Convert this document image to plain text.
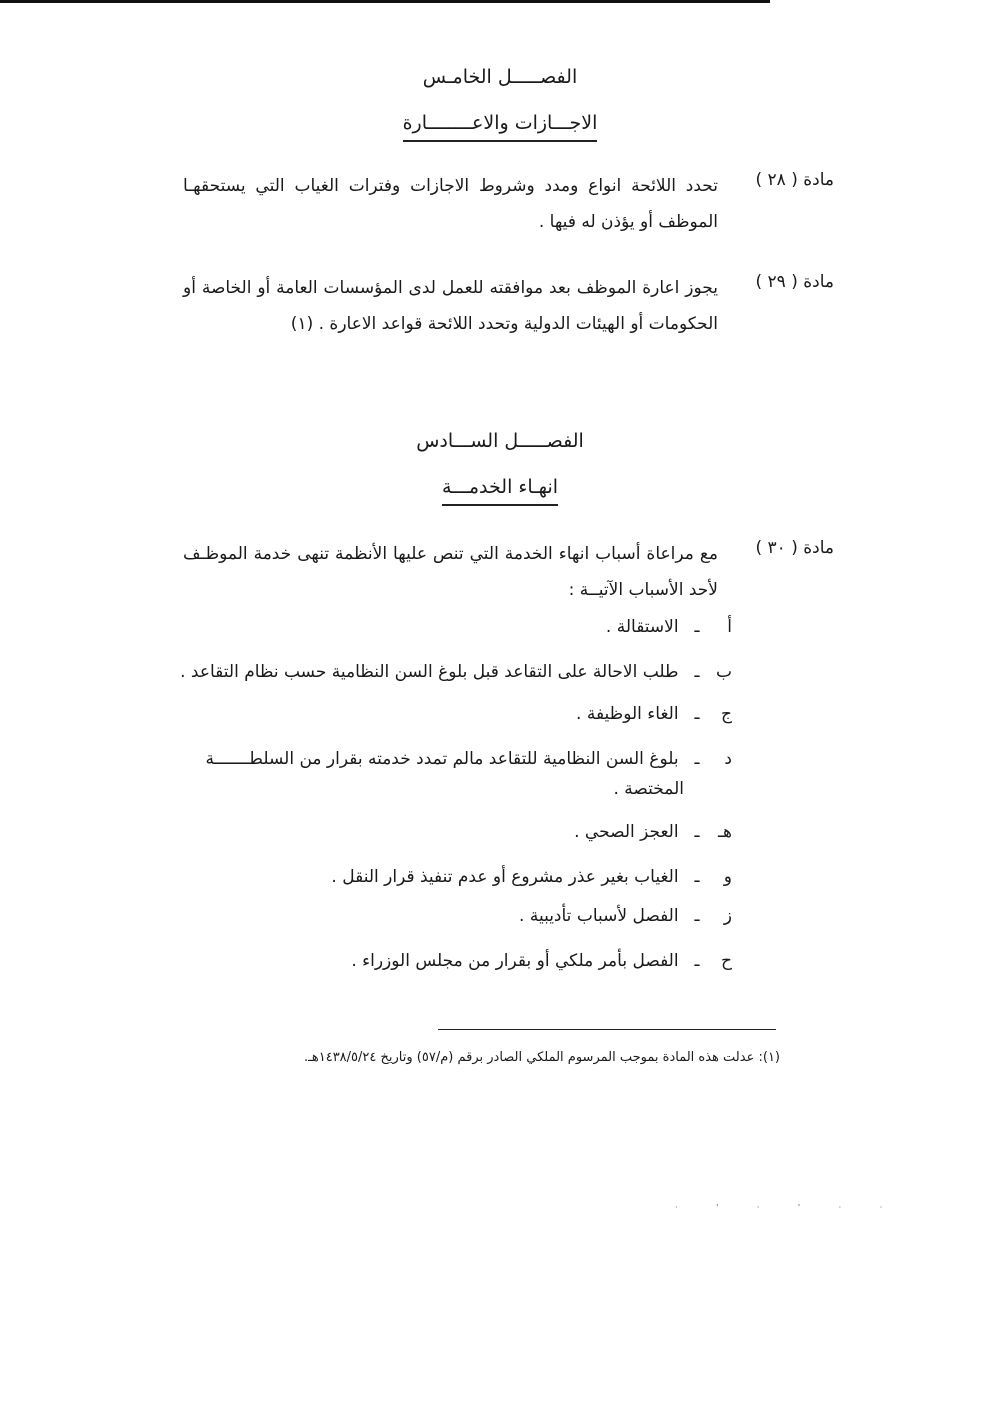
الفصـــــل الخامـس
الاجـــازات والاعــــــــارة
مادة ( ٢٨ )
تحدد اللائحة انواع ومدد وشروط الاجازات وفترات الغياب التي يستحقهـا الموظف أو يؤذن له فيها .
مادة ( ٢٩ )
يجوز اعارة الموظف بعد موافقته للعمل لدى المؤسسات العامة أو الخاصة أو الحكومات أو الهيئات الدولية وتحدد اللائحة قواعد الاعارة . (١)
الفصـــــل الســـادس
انهـاء الخدمـــة
مادة ( ٣٠ )
مع مراعاة أسباب انهاء الخدمة التي تنص عليها الأنظمة تنهى خدمة الموظـف لأحد الأسباب الآتيــة :
أـ الاستقالة .
بـ طلب الاحالة على التقاعد قبل بلوغ السن النظامية حسب نظام التقاعد .
جـ الغاء الوظيفة .
دـ بلوغ السن النظامية للتقاعد مالم تمدد خدمته بقرار من السلطـــــــة
المختصة .
هــ العجز الصحي .
وـ الغياب بغير عذر مشروع أو عدم تنفيذ قرار النقل .
زـ الفصل لأسباب تأديبية .
حـ الفصل بأمر ملكي أو بقرار من مجلس الوزراء .
(١): عدلت هذه المادة بموجب المرسوم الملكي الصادر برقم (م/٥٧) وتاريخ ١٤٣٨/٥/٢٤هـ.
· ' · ' · ·
